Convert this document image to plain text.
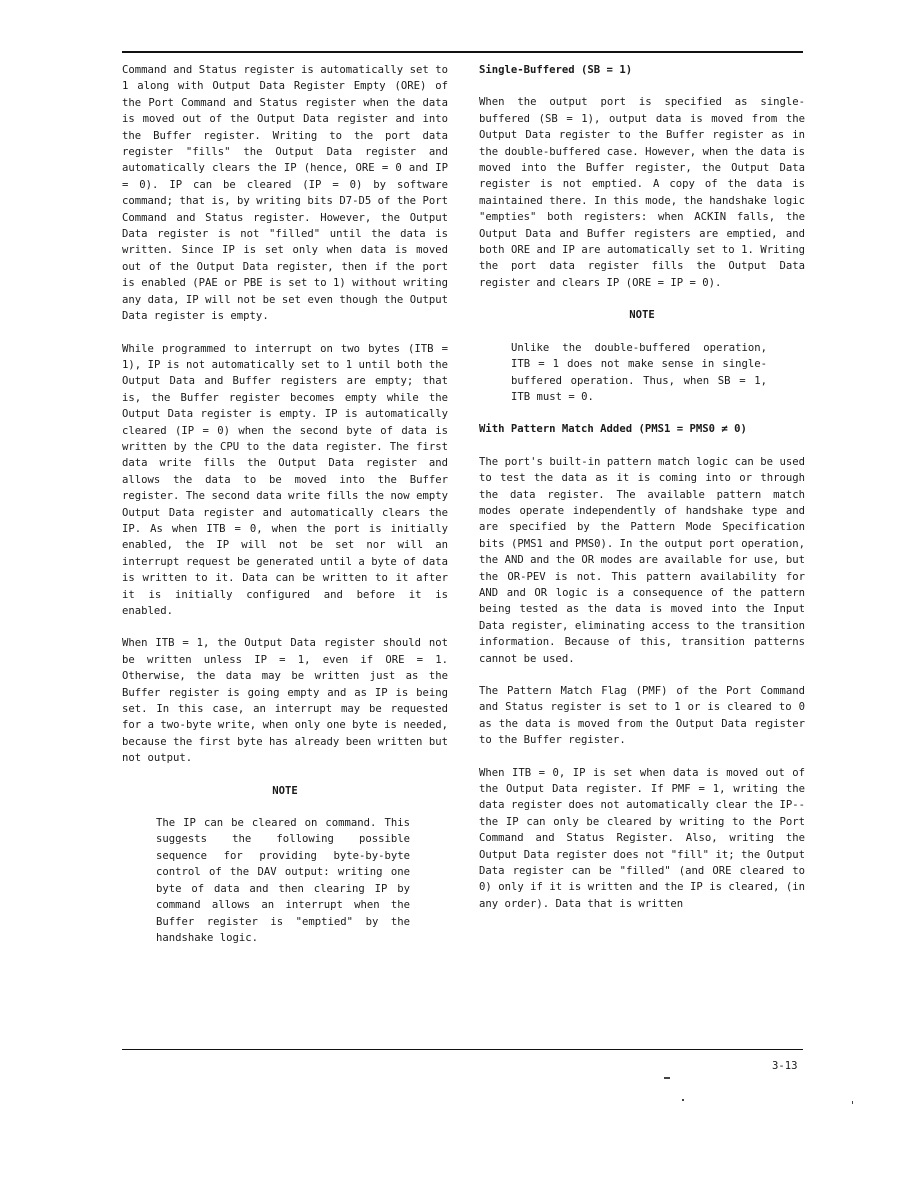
Command and Status register is automatically set to 1 along with Output Data Register Empty (ORE) of the Port Command and Status register when the data is moved out of the Output Data register and into the Buffer register. Writing to the port data register "fills" the Output Data register and automatically clears the IP (hence, ORE = 0 and IP = 0). IP can be cleared (IP = 0) by software command; that is, by writing bits D7-D5 of the Port Command and Status register. However, the Output Data register is not "filled" until the data is written. Since IP is set only when data is moved out of the Output Data register, then if the port is enabled (PAE or PBE is set to 1) without writing any data, IP will not be set even though the Output Data register is empty.

While programmed to interrupt on two bytes (ITB = 1), IP is not automatically set to 1 until both the Output Data and Buffer registers are empty; that is, the Buffer register becomes empty while the Output Data register is empty. IP is automatically cleared (IP = 0) when the second byte of data is written by the CPU to the data register. The first data write fills the Output Data register and allows the data to be moved into the Buffer register. The second data write fills the now empty Output Data register and automatically clears the IP. As when ITB = 0, when the port is initially enabled, the IP will not be set nor will an interrupt request be generated until a byte of data is written to it. Data can be written to it after it is initially configured and before it is enabled.

When ITB = 1, the Output Data register should not be written unless IP = 1, even if ORE = 1. Otherwise, the data may be written just as the Buffer register is going empty and as IP is being set. In this case, an interrupt may be requested for a two-byte write, when only one byte is needed, because the first byte has already been written but not output.

NOTE
The IP can be cleared on command. This suggests the following possible sequence for providing byte-by-byte control of the DAV output: writing one byte of data and then clearing IP by command allows an interrupt when the Buffer register is "emptied" by the handshake logic.
Single-Buffered (SB = 1)

When the output port is specified as single-buffered (SB = 1), output data is moved from the Output Data register to the Buffer register as in the double-buffered case. However, when the data is moved into the Buffer register, the Output Data register is not emptied. A copy of the data is maintained there. In this mode, the handshake logic "empties" both registers: when ACKIN falls, the Output Data and Buffer registers are emptied, and both ORE and IP are automatically set to 1. Writing the port data register fills the Output Data register and clears IP (ORE = IP = 0).

NOTE
Unlike the double-buffered operation, ITB = 1 does not make sense in single-buffered operation. Thus, when SB = 1, ITB must = 0.
With Pattern Match Added (PMS1 = PMS0 ≠ 0)

The port's built-in pattern match logic can be used to test the data as it is coming into or through the data register. The available pattern match modes operate independently of handshake type and are specified by the Pattern Mode Specification bits (PMS1 and PMS0). In the output port operation, the AND and the OR modes are available for use, but the OR-PEV is not. This pattern availability for AND and OR logic is a consequence of the pattern being tested as the data is moved into the Input Data register, eliminating access to the transition information. Because of this, transition patterns cannot be used.

The Pattern Match Flag (PMF) of the Port Command and Status register is set to 1 or is cleared to 0 as the data is moved from the Output Data register to the Buffer register.

When ITB = 0, IP is set when data is moved out of the Output Data register. If PMF = 1, writing the data register does not automatically clear the IP--the IP can only be cleared by writing to the Port Command and Status Register. Also, writing the Output Data register does not "fill" it; the Output Data register can be "filled" (and ORE cleared to 0) only if it is written and the IP is cleared, (in any order). Data that is written

3-13
